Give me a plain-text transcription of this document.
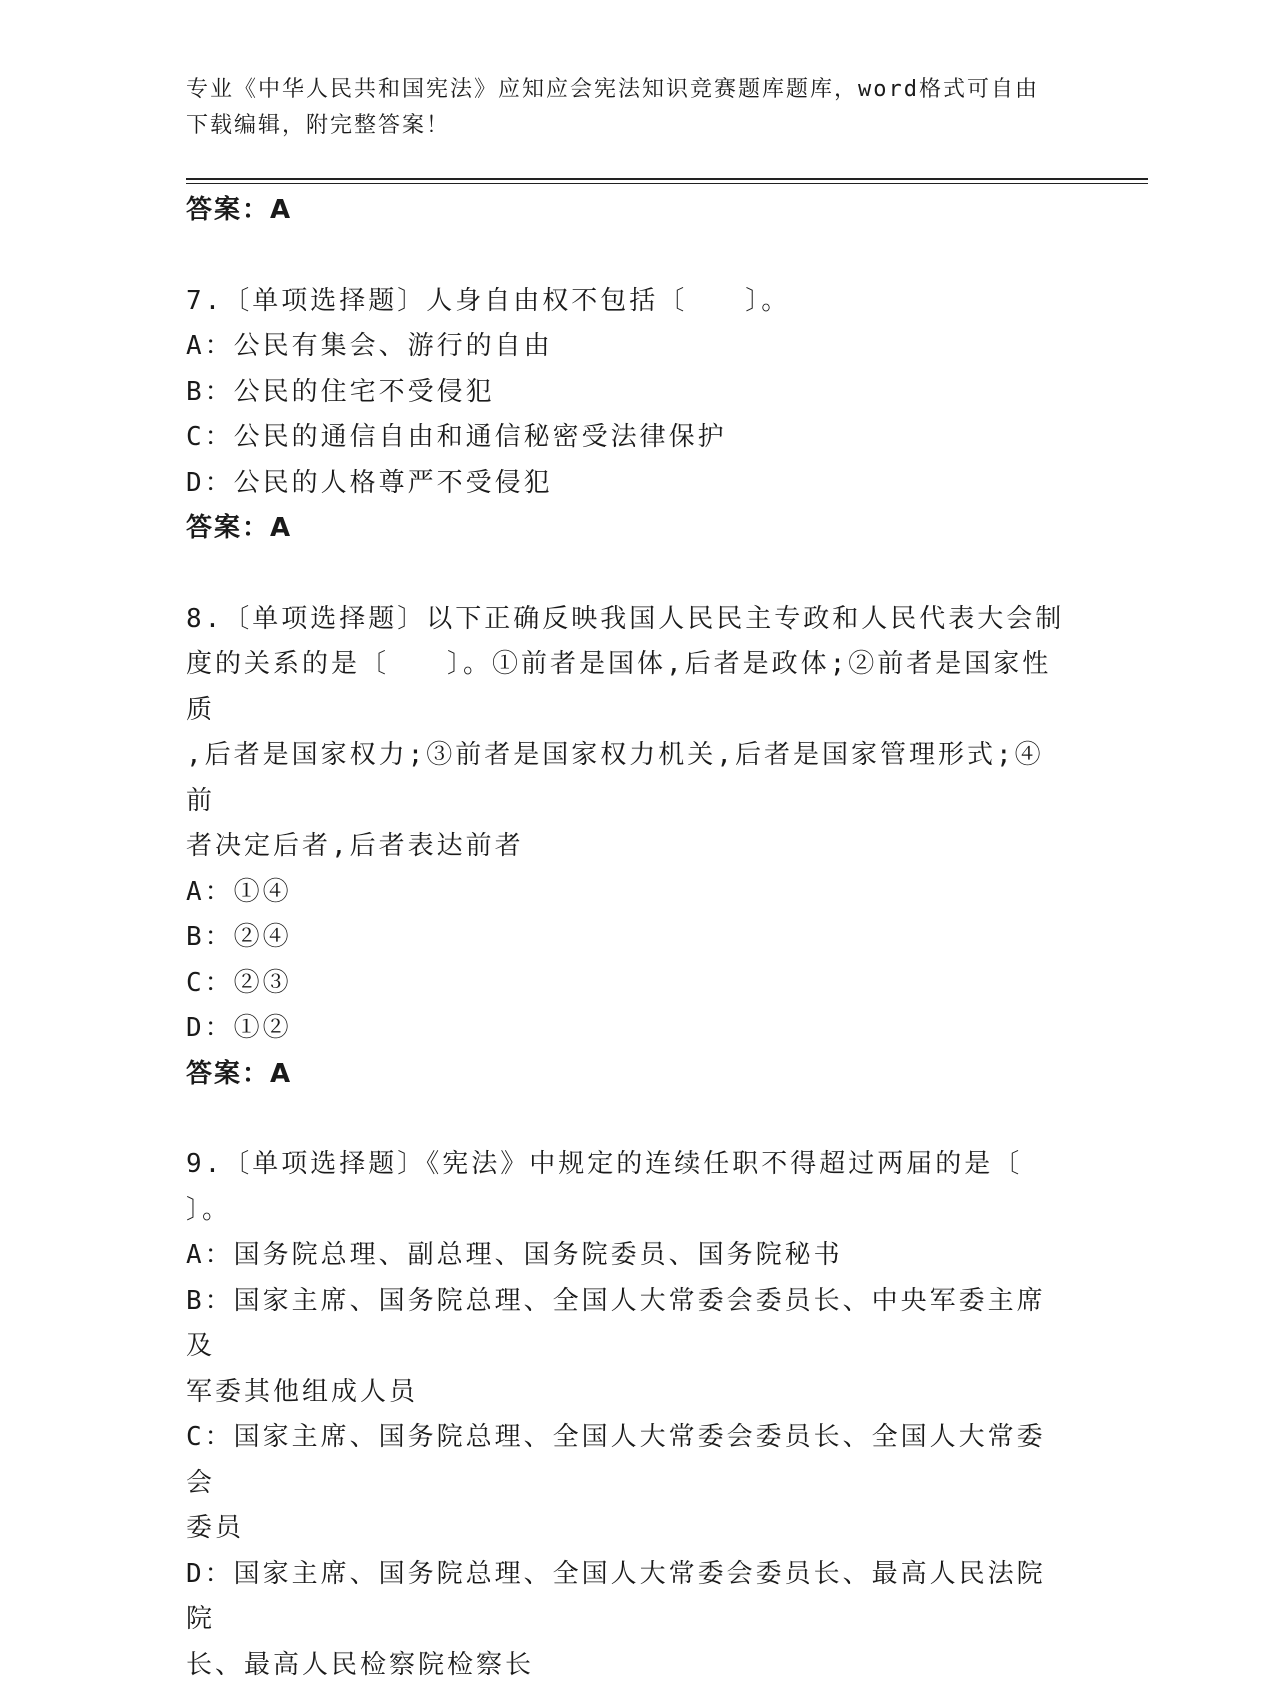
专业《中华人民共和国宪法》应知应会宪法知识竞赛题库题库，word格式可自由
下载编辑，附完整答案！
答案：A
7.〔单项选择题〕人身自由权不包括〔　　〕。
A：公民有集会、游行的自由
B：公民的住宅不受侵犯
C：公民的通信自由和通信秘密受法律保护
D：公民的人格尊严不受侵犯
答案：A
8.〔单项选择题〕以下正确反映我国人民民主专政和人民代表大会制
度的关系的是〔　　〕。①前者是国体,后者是政体;②前者是国家性质
,后者是国家权力;③前者是国家权力机关,后者是国家管理形式;④前
者决定后者,后者表达前者
A：①④
B：②④
C：②③
D：①②
答案：A
9.〔单项选择题〕《宪法》中规定的连续任职不得超过两届的是〔
〕。
A：国务院总理、副总理、国务院委员、国务院秘书
B：国家主席、国务院总理、全国人大常委会委员长、中央军委主席及
军委其他组成人员
C：国家主席、国务院总理、全国人大常委会委员长、全国人大常委会
委员
D：国家主席、国务院总理、全国人大常委会委员长、最高人民法院院
长、最高人民检察院检察长
